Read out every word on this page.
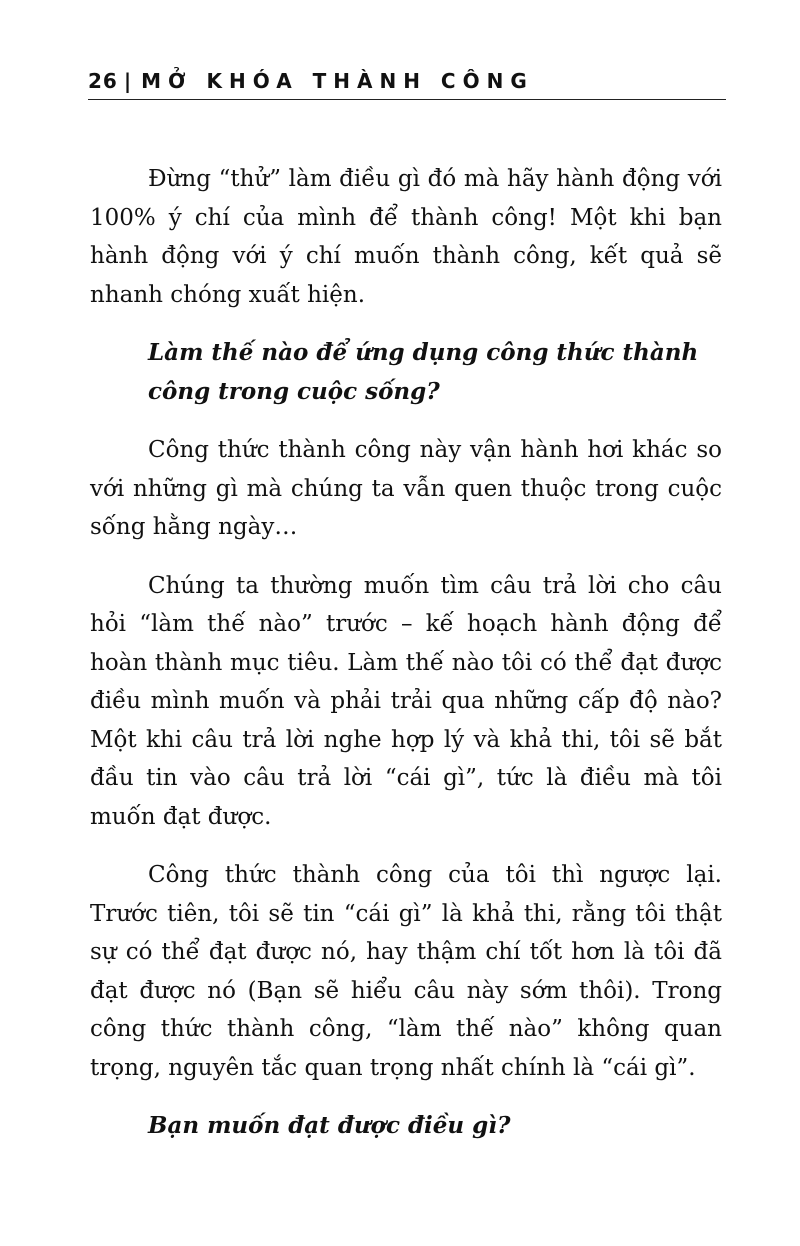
26 | MỞ KHÓA THÀNH CÔNG

Đừng “thử” làm điều gì đó mà hãy hành động với 100% ý chí của mình để thành công! Một khi bạn hành động với ý chí muốn thành công, kết quả sẽ nhanh chóng xuất hiện.

Làm thế nào để ứng dụng công thức thành công trong cuộc sống?

Công thức thành công này vận hành hơi khác so với những gì mà chúng ta vẫn quen thuộc trong cuộc sống hằng ngày…

Chúng ta thường muốn tìm câu trả lời cho câu hỏi “làm thế nào” trước – kế hoạch hành động để hoàn thành mục tiêu. Làm thế nào tôi có thể đạt được điều mình muốn và phải trải qua những cấp độ nào? Một khi câu trả lời nghe hợp lý và khả thi, tôi sẽ bắt đầu tin vào câu trả lời “cái gì”, tức là điều mà tôi muốn đạt được.

Công thức thành công của tôi thì ngược lại. Trước tiên, tôi sẽ tin “cái gì” là khả thi, rằng tôi thật sự có thể đạt được nó, hay thậm chí tốt hơn là tôi đã đạt được nó (Bạn sẽ hiểu câu này sớm thôi). Trong công thức thành công, “làm thế nào” không quan trọng, nguyên tắc quan trọng nhất chính là “cái gì”.

Bạn muốn đạt được điều gì?
